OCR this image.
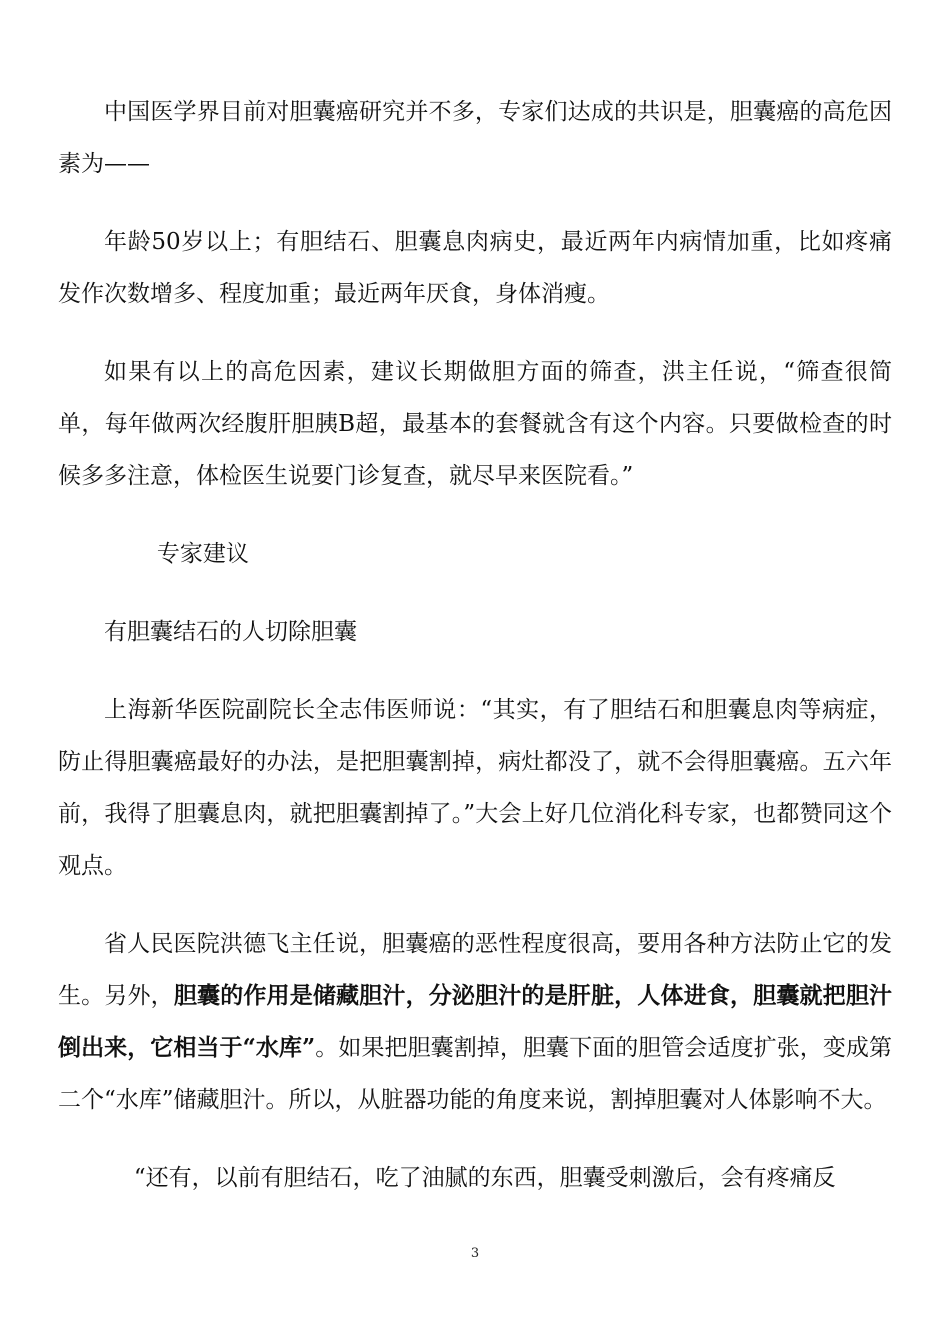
中国医学界目前对胆囊癌研究并不多，专家们达成的共识是，胆囊癌的高危因素为——

年龄50岁以上；有胆结石、胆囊息肉病史，最近两年内病情加重，比如疼痛发作次数增多、程度加重；最近两年厌食，身体消瘦。

如果有以上的高危因素，建议长期做胆方面的筛查，洪主任说，“筛查很简单，每年做两次经腹肝胆胰B超，最基本的套餐就含有这个内容。只要做检查的时候多多注意，体检医生说要门诊复查，就尽早来医院看。”

专家建议

有胆囊结石的人切除胆囊

上海新华医院副院长全志伟医师说：“其实，有了胆结石和胆囊息肉等病症，防止得胆囊癌最好的办法，是把胆囊割掉，病灶都没了，就不会得胆囊癌。五六年前，我得了胆囊息肉，就把胆囊割掉了。”大会上好几位消化科专家，也都赞同这个观点。

省人民医院洪德飞主任说，胆囊癌的恶性程度很高，要用各种方法防止它的发生。另外，胆囊的作用是储藏胆汁，分泌胆汁的是肝脏，人体进食，胆囊就把胆汁倒出来，它相当于“水库”。如果把胆囊割掉，胆囊下面的胆管会适度扩张，变成第二个“水库”储藏胆汁。所以，从脏器功能的角度来说，割掉胆囊对人体影响不大。

“还有，以前有胆结石，吃了油腻的东西，胆囊受刺激后，会有疼痛反

3
